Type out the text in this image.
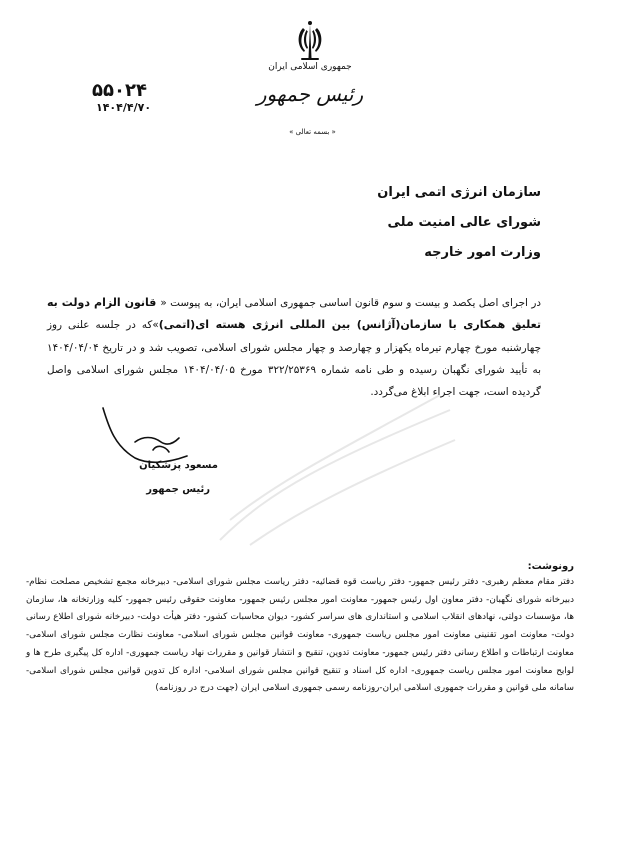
جمهوری اسلامی ایران
رئیس جمهور
« بسمه تعالی »
۵۵۰۲۴
۱۴۰۴/۴/۷۰
سازمان انرژی اتمی ایران
شورای عالی امنیت ملی
وزارت امور خارجه
در اجرای اصل یکصد و بیست و سوم قانون اساسی جمهوری اسلامی ایران، به پیوست « قانون الزام دولت به تعلیق همکاری با سازمان(آژانس) بین المللی انرژی هسته ای(اتمی)»که در جلسه علنی روز چهارشنبه مورخ چهارم تیرماه یکهزار و چهارصد و چهار مجلس شورای اسلامی، تصویب شد و در تاریخ ۱۴۰۴/۰۴/۰۴ به تأیید شورای نگهبان رسیده و طی نامه شماره ۳۲۲/۲۵۳۶۹ مورخ ۱۴۰۴/۰۴/۰۵ مجلس شورای اسلامی واصل گردیده است، جهت اجراء ابلاغ می‌گردد.
مسعود پزشکیان
رئیس جمهور
رونوشت:
دفتر مقام معظم رهبری- دفتر رئیس جمهور- دفتر ریاست قوه قضائیه- دفتر ریاست مجلس شورای اسلامی- دبیرخانه مجمع تشخیص مصلحت نظام- دبیرخانه شورای نگهبان- دفتر معاون اول رئیس جمهور- معاونت امور مجلس رئیس جمهور- معاونت حقوقی رئیس جمهور- کلیه وزارتخانه ها، سازمان ها، مؤسسات دولتی، نهادهای انقلاب اسلامی و استانداری های سراسر کشور- دیوان محاسبات کشور- دفتر هیأت دولت- دبیرخانه شورای اطلاع رسانی دولت- معاونت امور تقنینی معاونت امور مجلس ریاست جمهوری- معاونت قوانین مجلس شورای اسلامی- معاونت نظارت مجلس شورای اسلامی- معاونت ارتباطات و اطلاع رسانی دفتر رئیس جمهور- معاونت تدوین، تنقیح و انتشار قوانین و مقررات نهاد ریاست جمهوری- اداره کل پیگیری طرح ها و لوایح معاونت امور مجلس ریاست جمهوری- اداره کل اسناد و تنقیح قوانین مجلس شورای اسلامی- اداره کل تدوین قوانین مجلس شورای اسلامی- سامانه ملی قوانین و مقررات جمهوری اسلامی ایران-روزنامه رسمی جمهوری اسلامی ایران (جهت درج در روزنامه)
